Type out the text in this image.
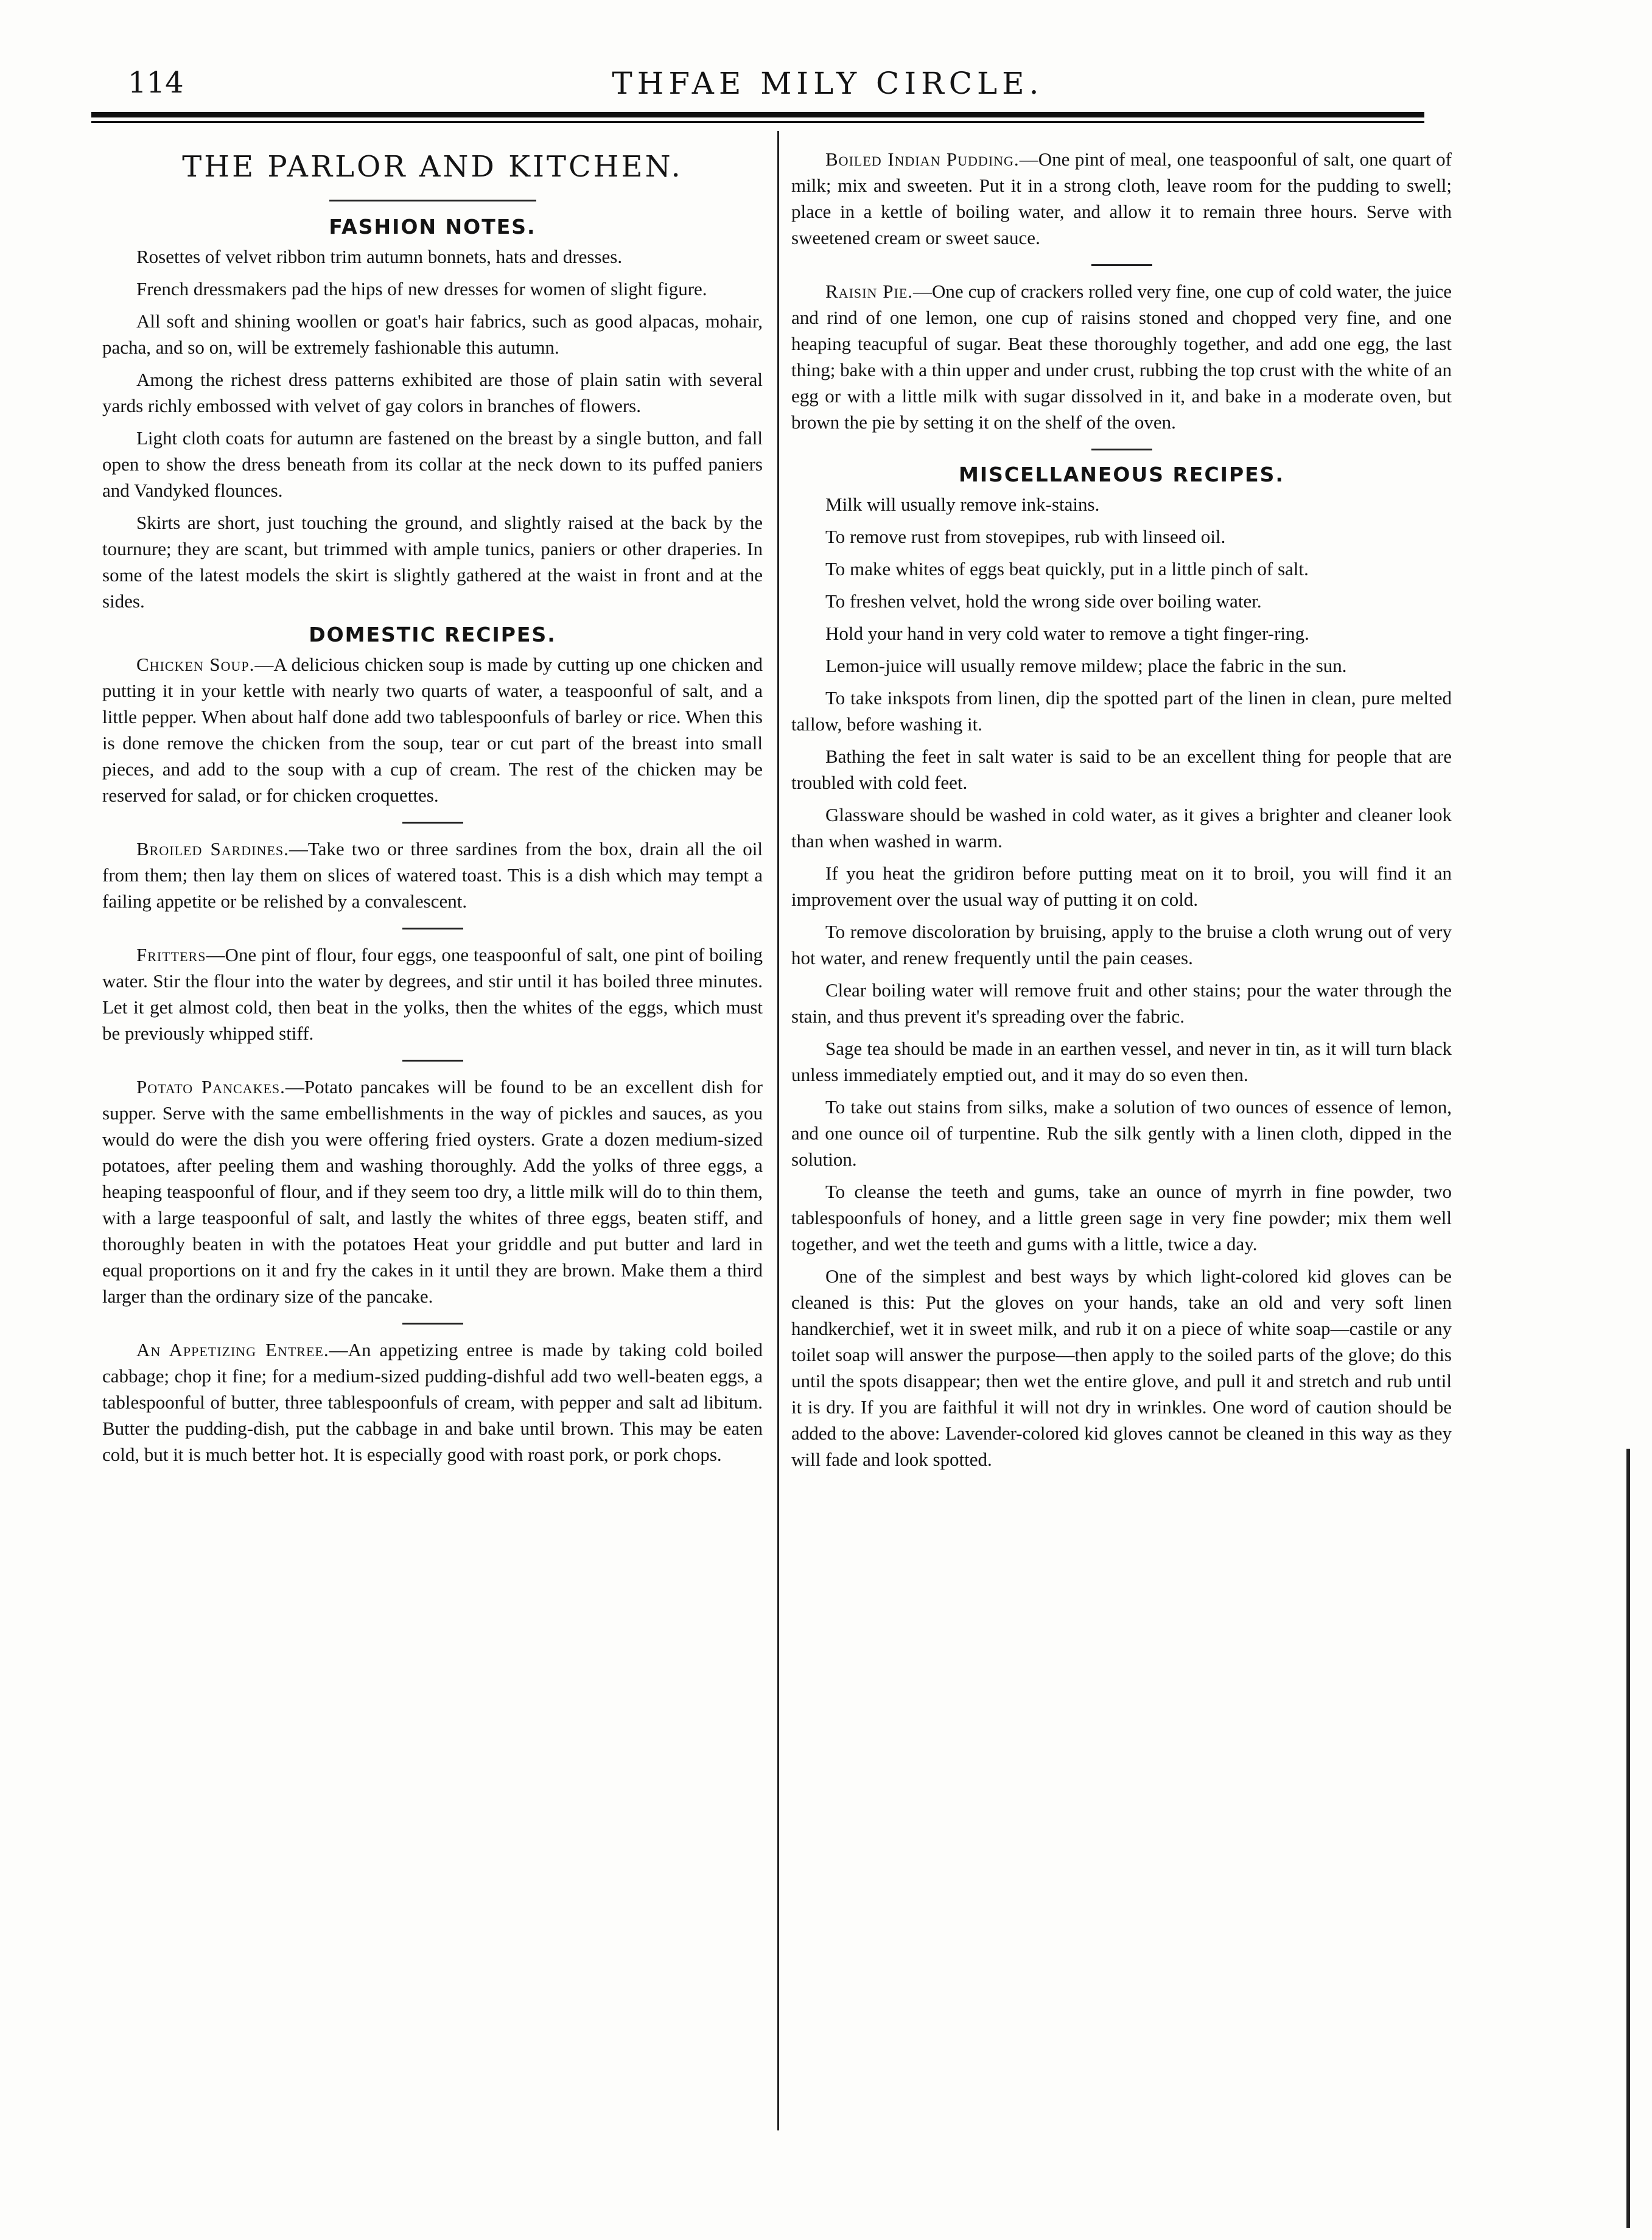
114	THFAE MILY CIRCLE.
THE PARLOR AND KITCHEN.
FASHION NOTES.

Rosettes of velvet ribbon trim autumn bonnets, hats and dresses.

French dressmakers pad the hips of new dresses for women of slight figure.

All soft and shining woollen or goat's hair fabrics, such as good alpacas, mohair, pacha, and so on, will be extremely fashionable this autumn.

Among the richest dress patterns exhibited are those of plain satin with several yards richly embossed with velvet of gay colors in branches of flowers.

Light cloth coats for autumn are fastened on the breast by a single button, and fall open to show the dress beneath from its collar at the neck down to its puffed paniers and Vandyked flounces.

Skirts are short, just touching the ground, and slightly raised at the back by the tournure; they are scant, but trimmed with ample tunics, paniers or other draperies. In some of the latest models the skirt is slightly gathered at the waist in front and at the sides.

DOMESTIC RECIPES.

Chicken Soup.—A delicious chicken soup is made by cutting up one chicken and putting it in your kettle with nearly two quarts of water, a teaspoonful of salt, and a little pepper. When about half done add two tablespoonfuls of barley or rice. When this is done remove the chicken from the soup, tear or cut part of the breast into small pieces, and add to the soup with a cup of cream. The rest of the chicken may be reserved for salad, or for chicken croquettes.

Broiled Sardines.—Take two or three sardines from the box, drain all the oil from them; then lay them on slices of watered toast. This is a dish which may tempt a failing appetite or be relished by a convalescent.

Fritters—One pint of flour, four eggs, one teaspoonful of salt, one pint of boiling water. Stir the flour into the water by degrees, and stir until it has boiled three minutes. Let it get almost cold, then beat in the yolks, then the whites of the eggs, which must be previously whipped stiff.

Potato Pancakes.—Potato pancakes will be found to be an excellent dish for supper. Serve with the same embellishments in the way of pickles and sauces, as you would do were the dish you were offering fried oysters. Grate a dozen medium-sized potatoes, after peeling them and washing thoroughly. Add the yolks of three eggs, a heaping teaspoonful of flour, and if they seem too dry, a little milk will do to thin them, with a large teaspoonful of salt, and lastly the whites of three eggs, beaten stiff, and thoroughly beaten in with the potatoes Heat your griddle and put butter and lard in equal proportions on it and fry the cakes in it until they are brown. Make them a third larger than the ordinary size of the pancake.

An Appetizing Entree.—An appetizing entree is made by taking cold boiled cabbage; chop it fine; for a medium-sized pudding-dishful add two well-beaten eggs, a tablespoonful of butter, three tablespoonfuls of cream, with pepper and salt ad libitum. Butter the pudding-dish, put the cabbage in and bake until brown. This may be eaten cold, but it is much better hot. It is especially good with roast pork, or pork chops.

Boiled Indian Pudding.—One pint of meal, one teaspoonful of salt, one quart of milk; mix and sweeten. Put it in a strong cloth, leave room for the pudding to swell; place in a kettle of boiling water, and allow it to remain three hours. Serve with sweetened cream or sweet sauce.

Raisin Pie.—One cup of crackers rolled very fine, one cup of cold water, the juice and rind of one lemon, one cup of raisins stoned and chopped very fine, and one heaping teacupful of sugar. Beat these thoroughly together, and add one egg, the last thing; bake with a thin upper and under crust, rubbing the top crust with the white of an egg or with a little milk with sugar dissolved in it, and bake in a moderate oven, but brown the pie by setting it on the shelf of the oven.

MISCELLANEOUS RECIPES.

Milk will usually remove ink-stains.

To remove rust from stovepipes, rub with linseed oil.

To make whites of eggs beat quickly, put in a little pinch of salt.

To freshen velvet, hold the wrong side over boiling water.

Hold your hand in very cold water to remove a tight finger-ring.

Lemon-juice will usually remove mildew; place the fabric in the sun.

To take inkspots from linen, dip the spotted part of the linen in clean, pure melted tallow, before washing it.

Bathing the feet in salt water is said to be an excellent thing for people that are troubled with cold feet.

Glassware should be washed in cold water, as it gives a brighter and cleaner look than when washed in warm.

If you heat the gridiron before putting meat on it to broil, you will find it an improvement over the usual way of putting it on cold.

To remove discoloration by bruising, apply to the bruise a cloth wrung out of very hot water, and renew frequently until the pain ceases.

Clear boiling water will remove fruit and other stains; pour the water through the stain, and thus prevent it's spreading over the fabric.

Sage tea should be made in an earthen vessel, and never in tin, as it will turn black unless immediately emptied out, and it may do so even then.

To take out stains from silks, make a solution of two ounces of essence of lemon, and one ounce oil of turpentine. Rub the silk gently with a linen cloth, dipped in the solution.

To cleanse the teeth and gums, take an ounce of myrrh in fine powder, two tablespoonfuls of honey, and a little green sage in very fine powder; mix them well together, and wet the teeth and gums with a little, twice a day.

One of the simplest and best ways by which light-colored kid gloves can be cleaned is this: Put the gloves on your hands, take an old and very soft linen handkerchief, wet it in sweet milk, and rub it on a piece of white soap—castile or any toilet soap will answer the purpose—then apply to the soiled parts of the glove; do this until the spots disappear; then wet the entire glove, and pull it and stretch and rub until it is dry. If you are faithful it will not dry in wrinkles. One word of caution should be added to the above: Lavender-colored kid gloves cannot be cleaned in this way as they will fade and look spotted.
